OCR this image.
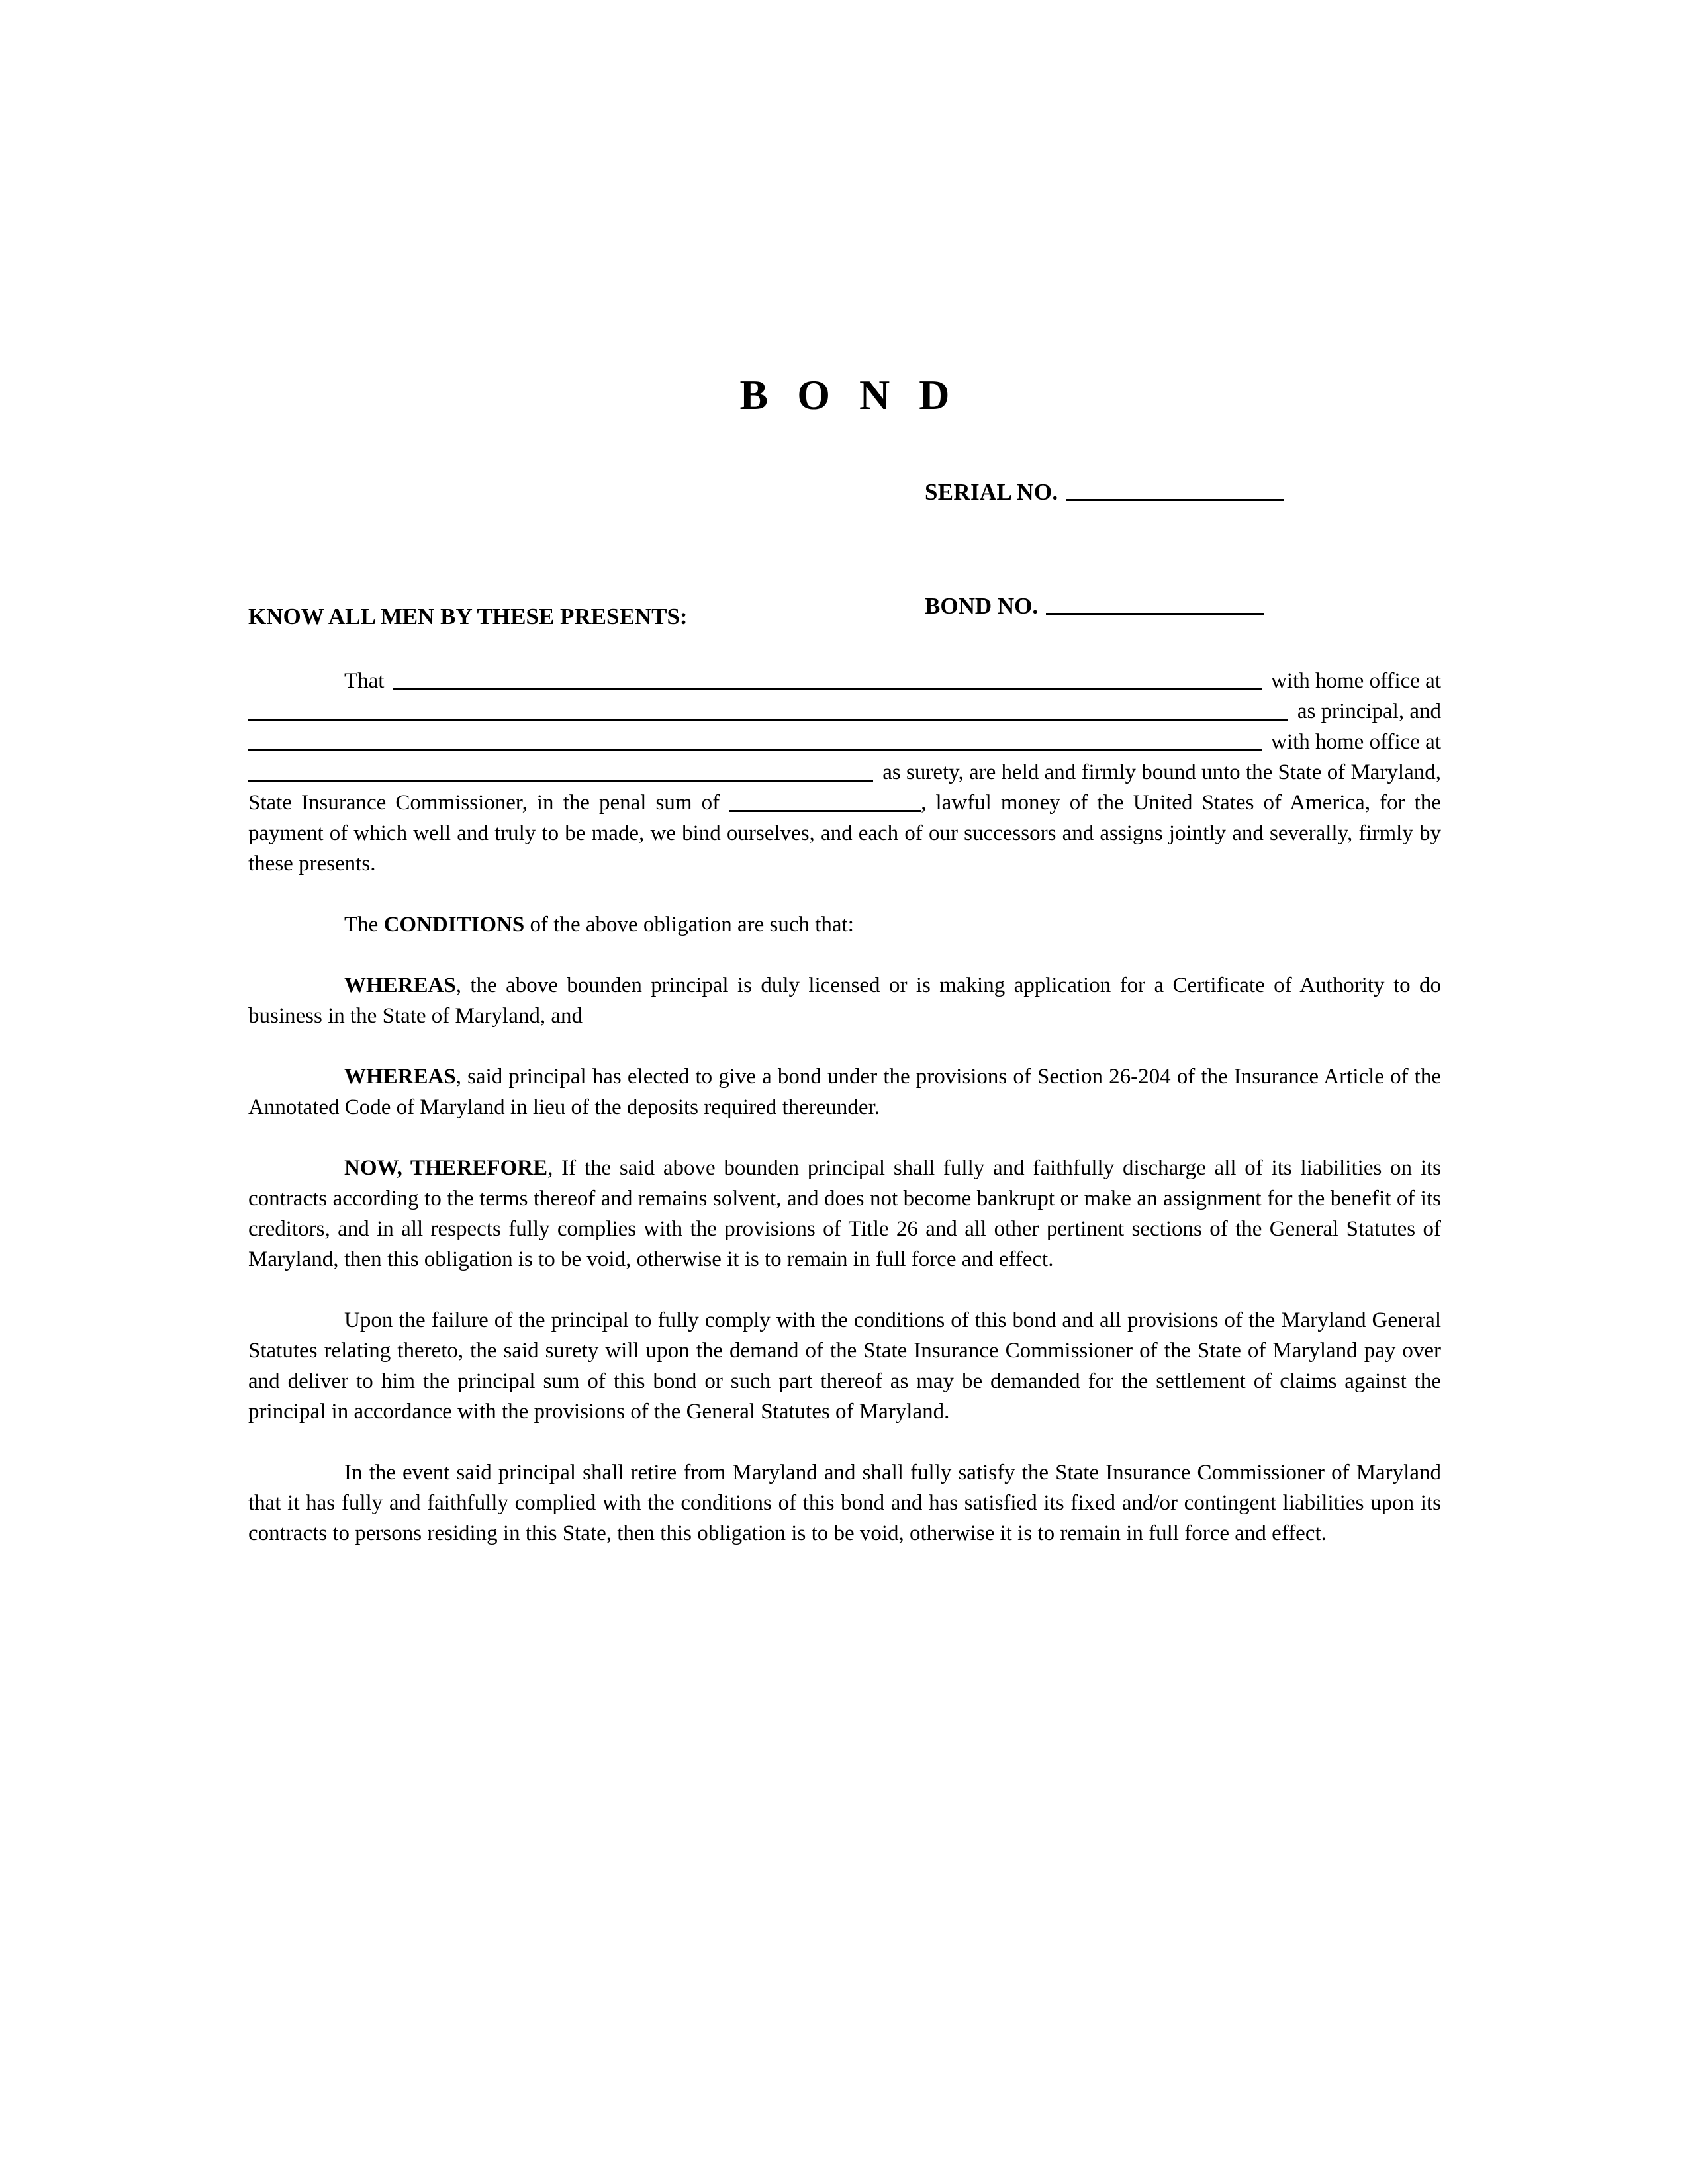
B O N D
SERIAL NO.
KNOW ALL MEN BY THESE PRESENTS:	BOND NO.
That	with home office at
as principal, and
with home office at
as surety, are held and firmly bound unto the State of Maryland,

State Insurance Commissioner, in the penal sum of	, lawful money of the United States of America, for the payment of which well and truly to be made, we bind ourselves, and each of our successors and assigns jointly and severally, firmly by these presents.

The CONDITIONS of the above obligation are such that:

WHEREAS, the above bounden principal is duly licensed or is making application for a Certificate of Authority to do business in the State of Maryland, and

WHEREAS, said principal has elected to give a bond under the provisions of Section 26-204 of the Insurance Article of the Annotated Code of Maryland in lieu of the deposits required thereunder.

NOW, THEREFORE, If the said above bounden principal shall fully and faithfully discharge all of its liabilities on its contracts according to the terms thereof and remains solvent, and does not become bankrupt or make an assignment for the benefit of its creditors, and in all respects fully complies with the provisions of Title 26 and all other pertinent sections of the General Statutes of Maryland, then this obligation is to be void, otherwise it is to remain in full force and effect.

Upon the failure of the principal to fully comply with the conditions of this bond and all provisions of the Maryland General Statutes relating thereto, the said surety will upon the demand of the State Insurance Commissioner of the State of Maryland pay over and deliver to him the principal sum of this bond or such part thereof as may be demanded for the settlement of claims against the principal in accordance with the provisions of the General Statutes of Maryland.

In the event said principal shall retire from Maryland and shall fully satisfy the State Insurance Commissioner of Maryland that it has fully and faithfully complied with the conditions of this bond and has satisfied its fixed and/or contingent liabilities upon its contracts to persons residing in this State, then this obligation is to be void, otherwise it is to remain in full force and effect.
